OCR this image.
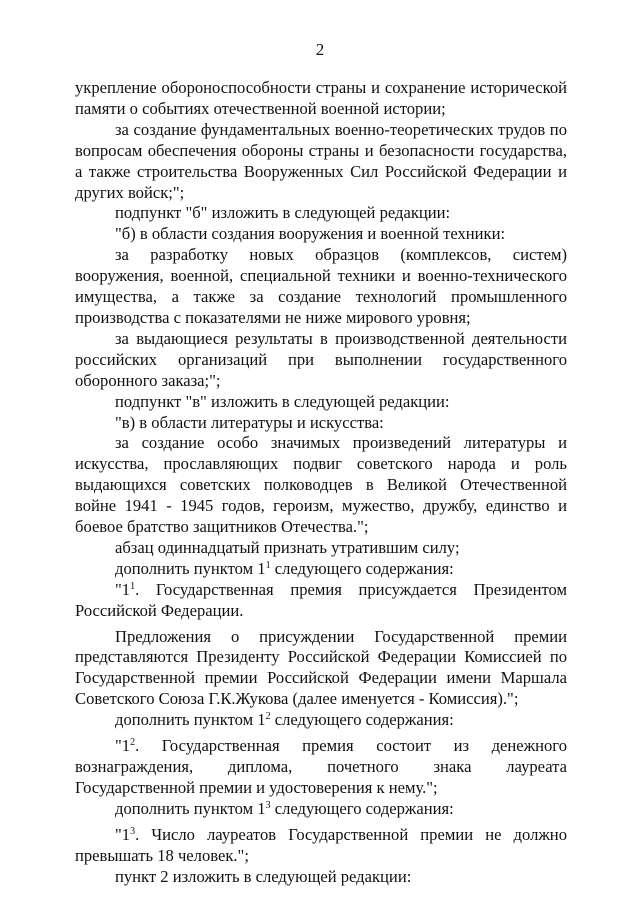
2

укрепление обороноспособности страны и сохранение исторической памяти о событиях отечественной военной истории;

за создание фундаментальных военно-теоретических трудов по вопросам обеспечения обороны страны и безопасности государства, а также строительства Вооруженных Сил Российской Федерации и других войск;";

подпункт "б" изложить в следующей редакции:

"б) в области создания вооружения и военной техники:

за разработку новых образцов (комплексов, систем) вооружения, военной, специальной техники и военно-технического имущества, а также за создание технологий промышленного производства с показателями не ниже мирового уровня;

за выдающиеся результаты в производственной деятельности российских организаций при выполнении государственного оборонного заказа;";

подпункт "в" изложить в следующей редакции:

"в) в области литературы и искусства:

за создание особо значимых произведений литературы и искусства, прославляющих подвиг советского народа и роль выдающихся советских полководцев в Великой Отечественной войне 1941 - 1945 годов, героизм, мужество, дружбу, единство и боевое братство защитников Отечества.";

абзац одиннадцатый признать утратившим силу;

дополнить пунктом $1^1$ следующего содержания:

"$1^1$. Государственная премия присуждается Президентом Российской Федерации.

Предложения о присуждении Государственной премии представляются Президенту Российской Федерации Комиссией по Государственной премии Российской Федерации имени Маршала Советского Союза Г.К.Жукова (далее именуется - Комиссия).";

дополнить пунктом $1^2$ следующего содержания:

"$1^2$. Государственная премия состоит из денежного вознаграждения, диплома, почетного знака лауреата Государственной премии и удостоверения к нему.";

дополнить пунктом $1^3$ следующего содержания:

"$1^3$. Число лауреатов Государственной премии не должно превышать 18 человек.";

пункт 2 изложить в следующей редакции:
